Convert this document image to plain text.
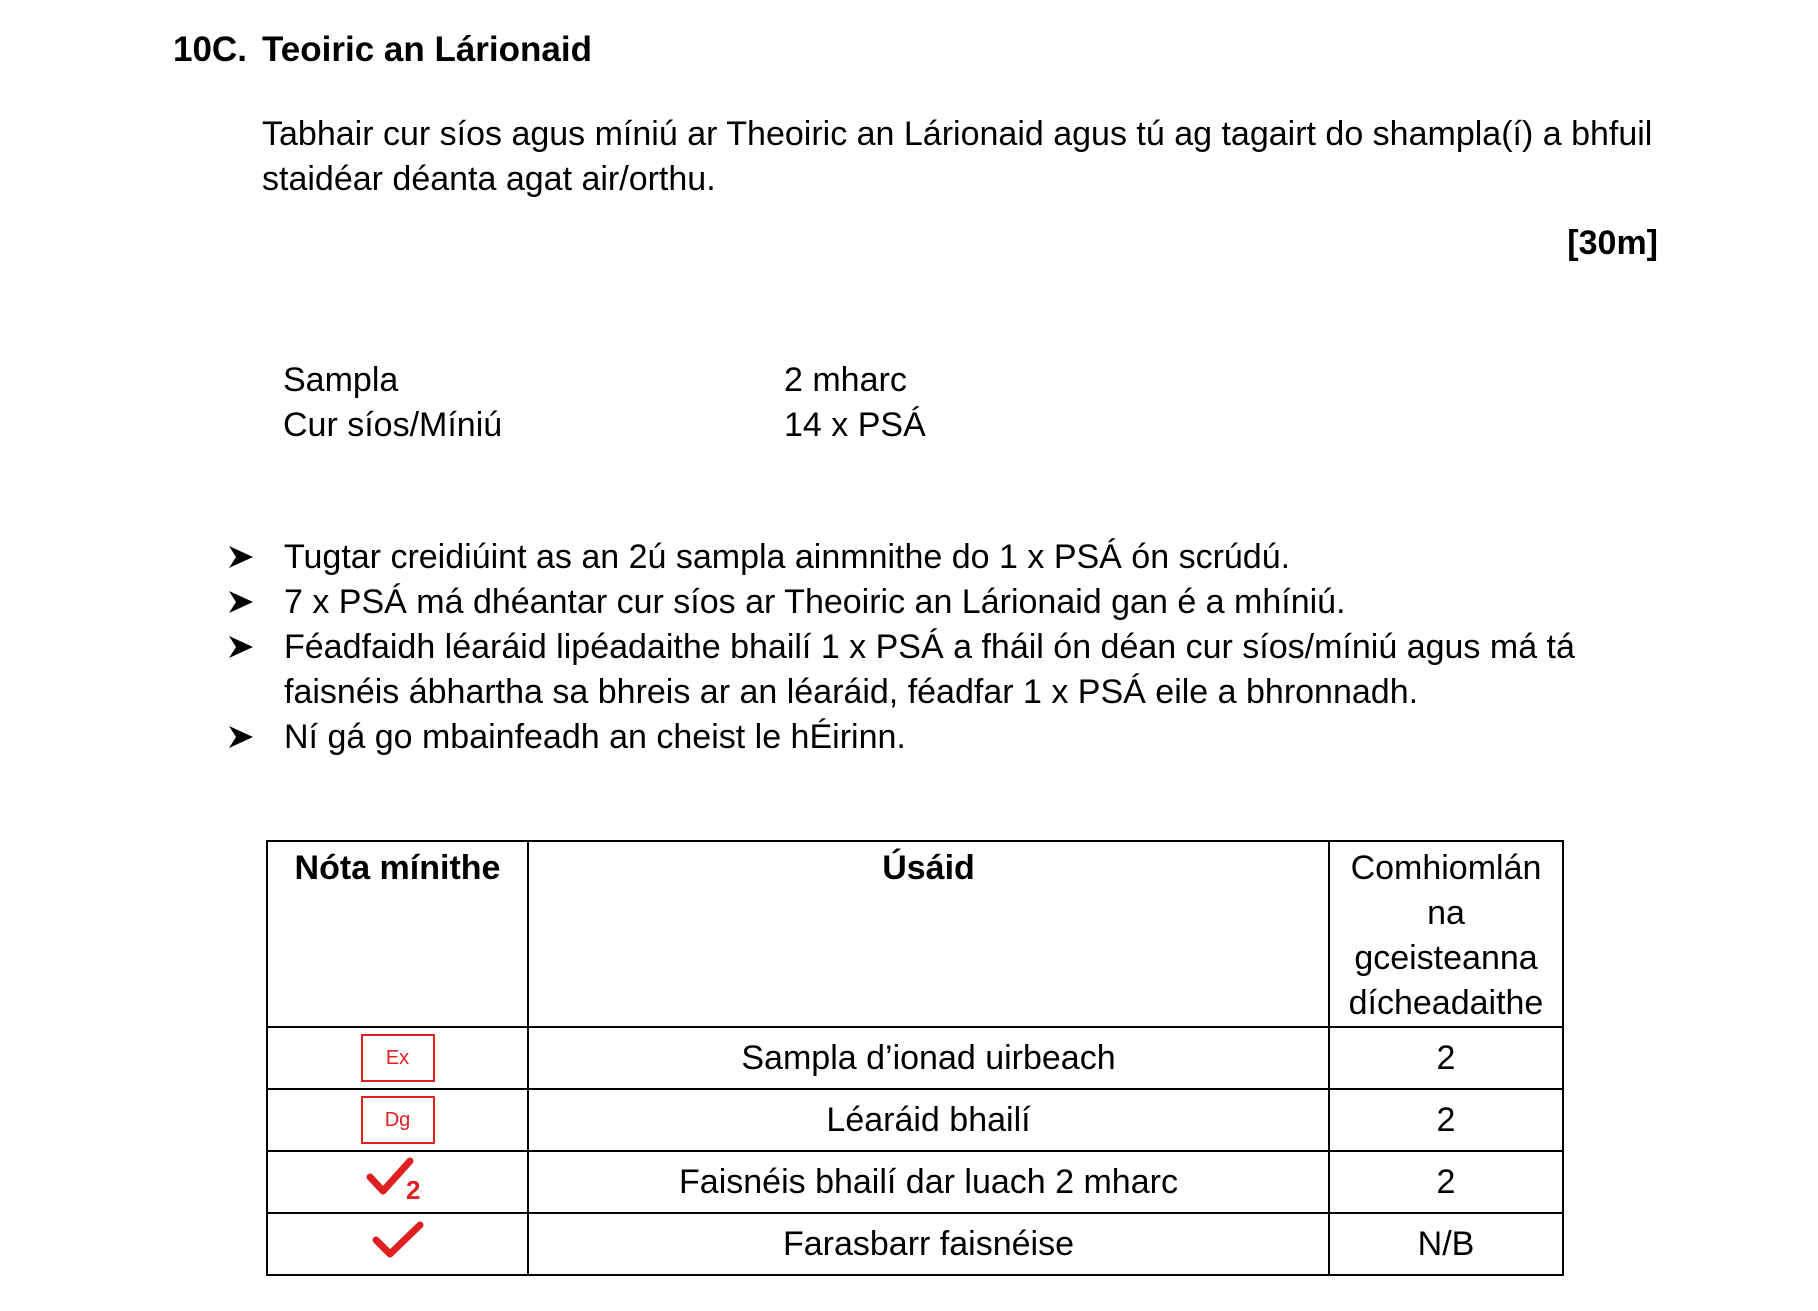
10C. Teoiric an Lárionaid

Tabhair cur síos agus míniú ar Theoiric an Lárionaid agus tú ag tagairt do shampla(í) a bhfuil

staidéar déanta agat air/orthu.

[30m]
Sampla	2 mharc
Cur síos/Míniú	14 x PSÁ
Tugtar creidiúint as an 2ú sampla ainmnithe do 1 x PSÁ ón scrúdú.
7 x PSÁ má dhéantar cur síos ar Theoiric an Lárionaid gan é a mhíniú.
Féadfaidh léaráid lipéadaithe bhailí 1 x PSÁ a fháil ón déan cur síos/míniú agus má tá
faisnéis ábhartha sa bhreis ar an léaráid, féadfar 1 x PSÁ eile a bhronnadh.
Ní gá go mbainfeadh an cheist le hÉirinn.
Nóta mínithe	Úsáid	Comhiomlán
na
gceisteanna
dícheadaithe

Ex	Sampla d’ionad uirbeach	2
Dg	Léaráid bhailí	2

2	Faisnéis bhailí dar luach 2 mharc	2
	Farasbarr faisnéise	N/B
